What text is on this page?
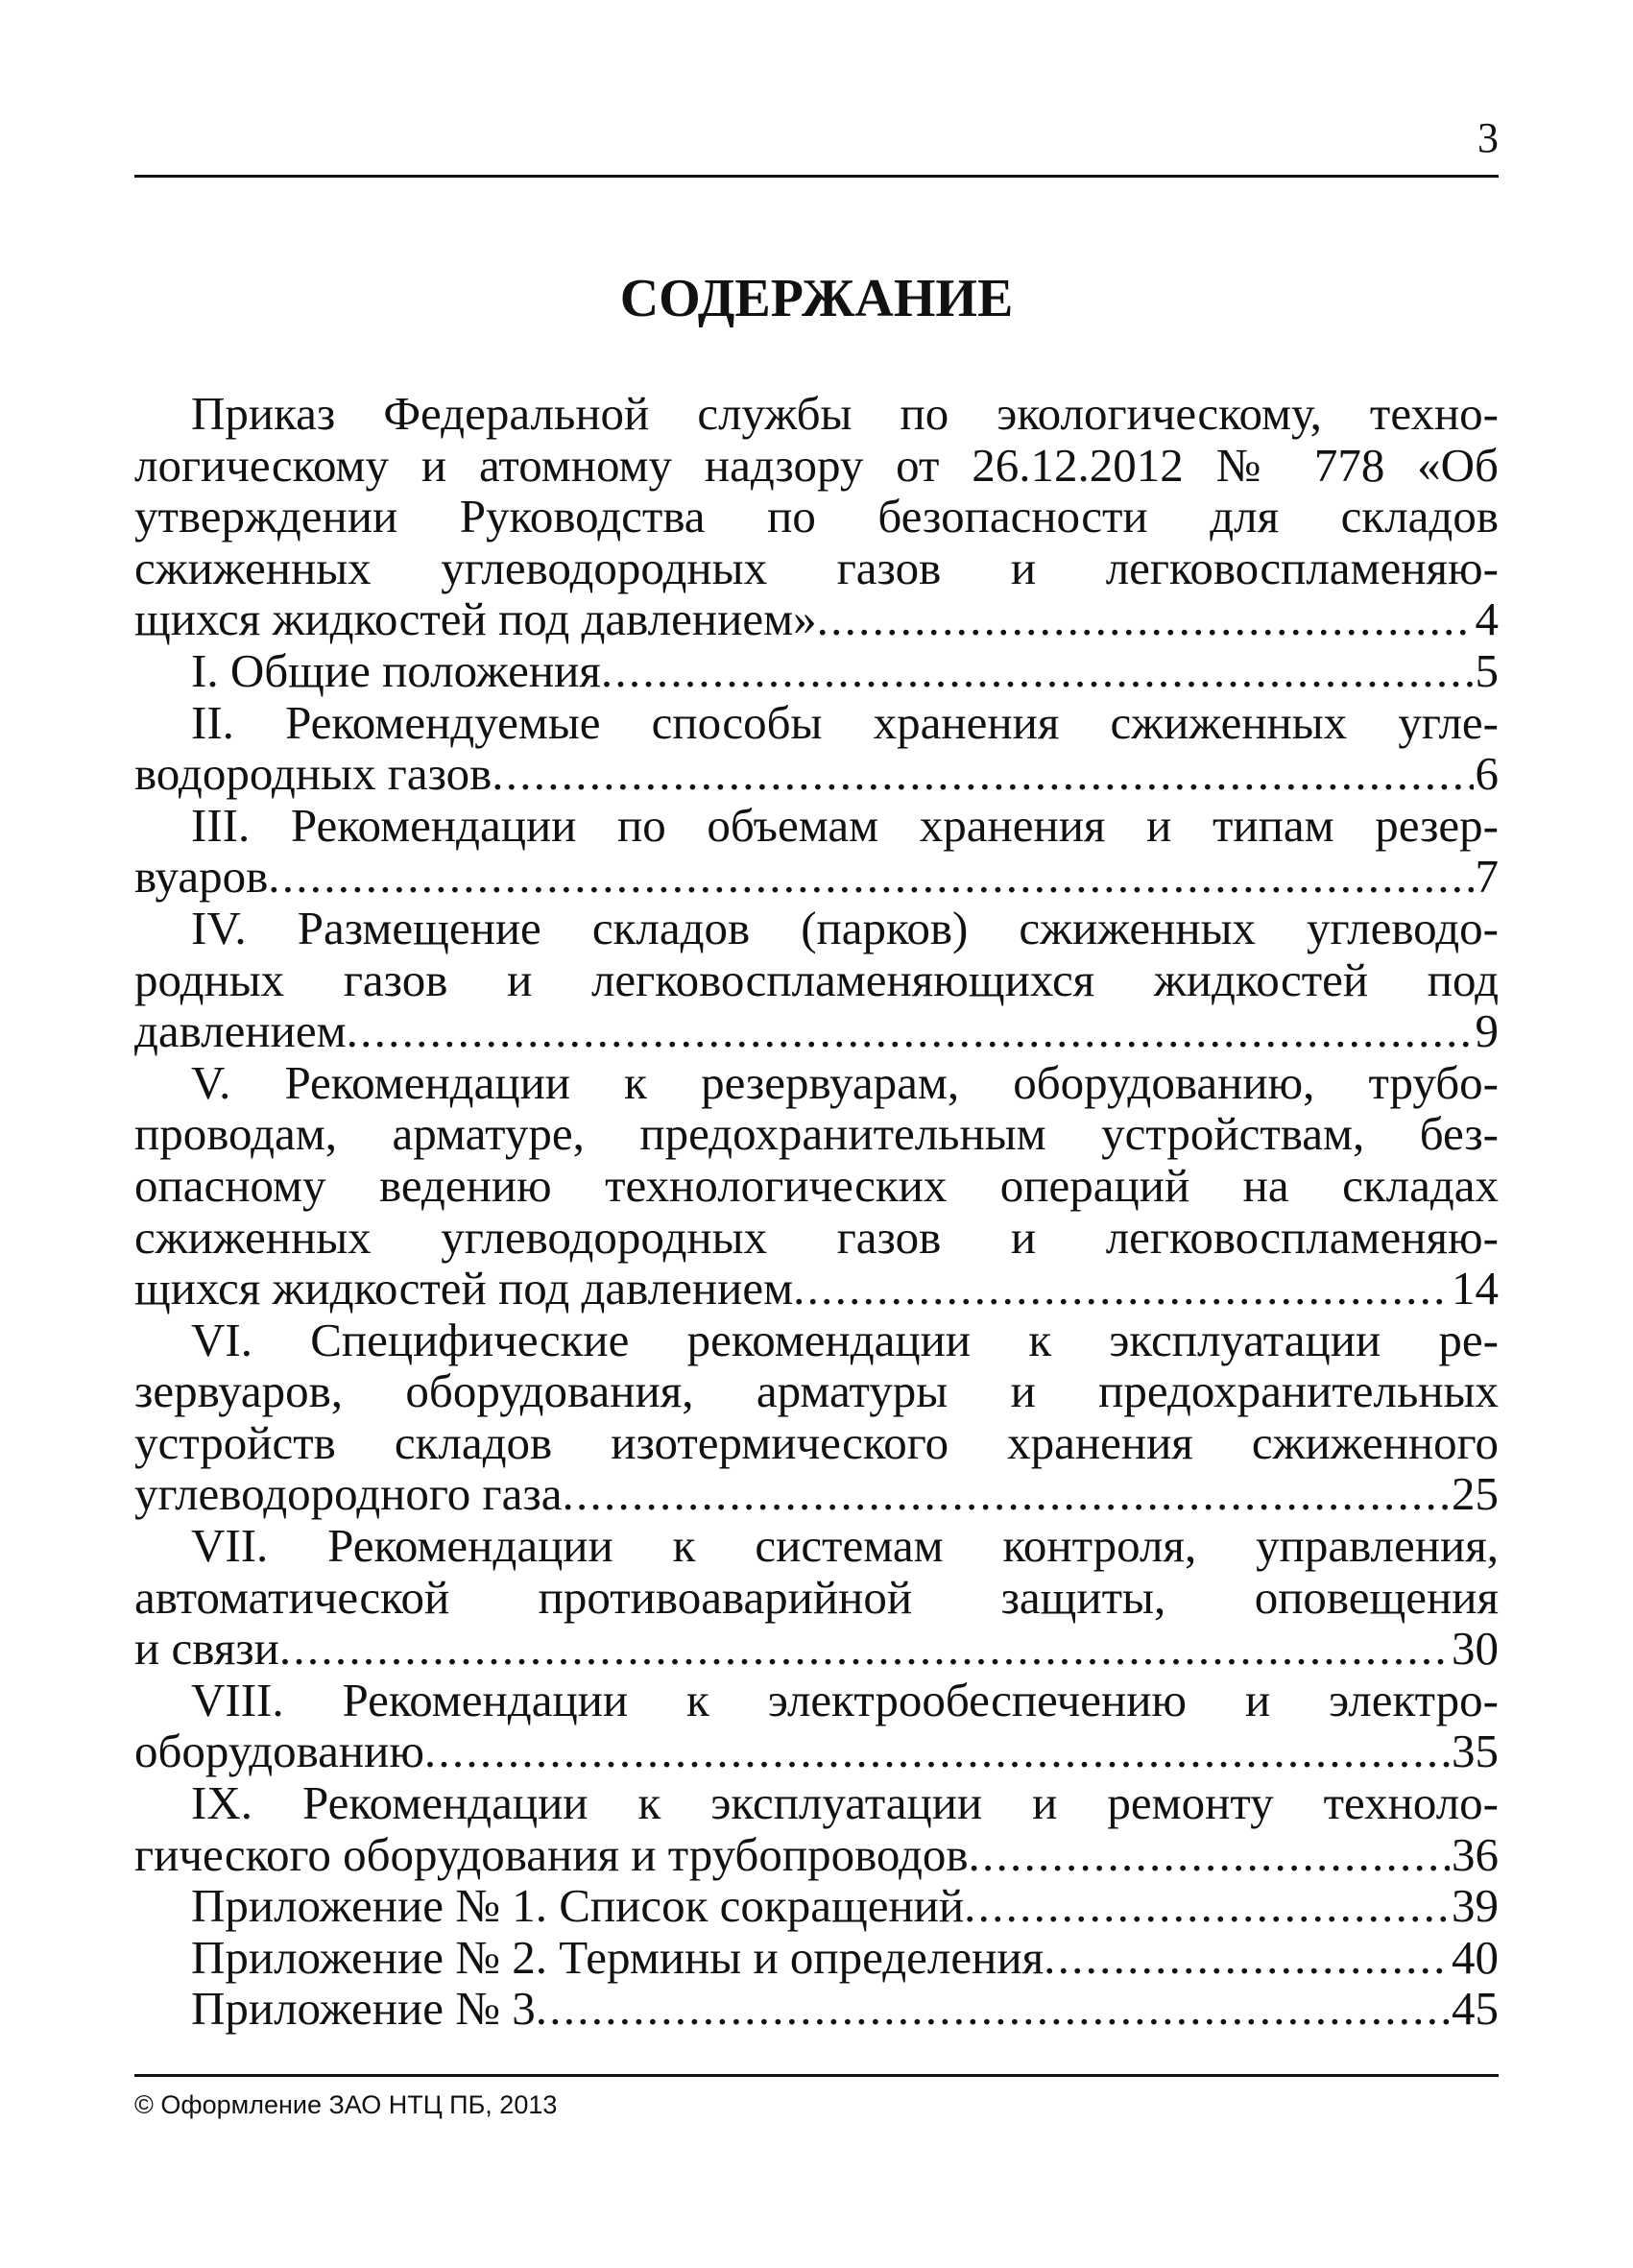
3
СОДЕРЖАНИЕ
Приказ Федеральной службы по экологическому, техно-
логическому и атомному надзору от 26.12.2012 № 778 «Об
утверждении Руководства по безопасности для складов
сжиженных углеводородных газов и легковоспламеняю-
щихся жидкостей под давлением» . . .	4
I. Общие положения . . .	5
II. Рекомендуемые способы хранения сжиженных угле-
водородных газов . . .	6
III. Рекомендации по объемам хранения и типам резер-
вуаров . . .	7
IV. Размещение складов (парков) сжиженных углеводо-
родных газов и легковоспламеняющихся жидкостей под
давлением . . .	9
V. Рекомендации к резервуарам, оборудованию, трубо-
проводам, арматуре, предохранительным устройствам, без-
опасному ведению технологических операций на складах
сжиженных углеводородных газов и легковоспламеняю-
щихся жидкостей под давлением . . .	14
VI. Специфические рекомендации к эксплуатации ре-
зервуаров, оборудования, арматуры и предохранительных
устройств складов изотермического хранения сжиженного
углеводородного газа . . .	25
VII. Рекомендации к системам контроля, управления,
автоматической противоаварийной защиты, оповещения
и связи . . .	30
VIII. Рекомендации к электрообеспечению и электро-
оборудованию . . .	35
IX. Рекомендации к эксплуатации и ремонту техноло-
гического оборудования и трубопроводов . . .	36
Приложение № 1. Список сокращений . . .	39
Приложение № 2. Термины и определения . . .	40
Приложение № 3 . . .	45
© Оформление ЗАО НТЦ ПБ, 2013
